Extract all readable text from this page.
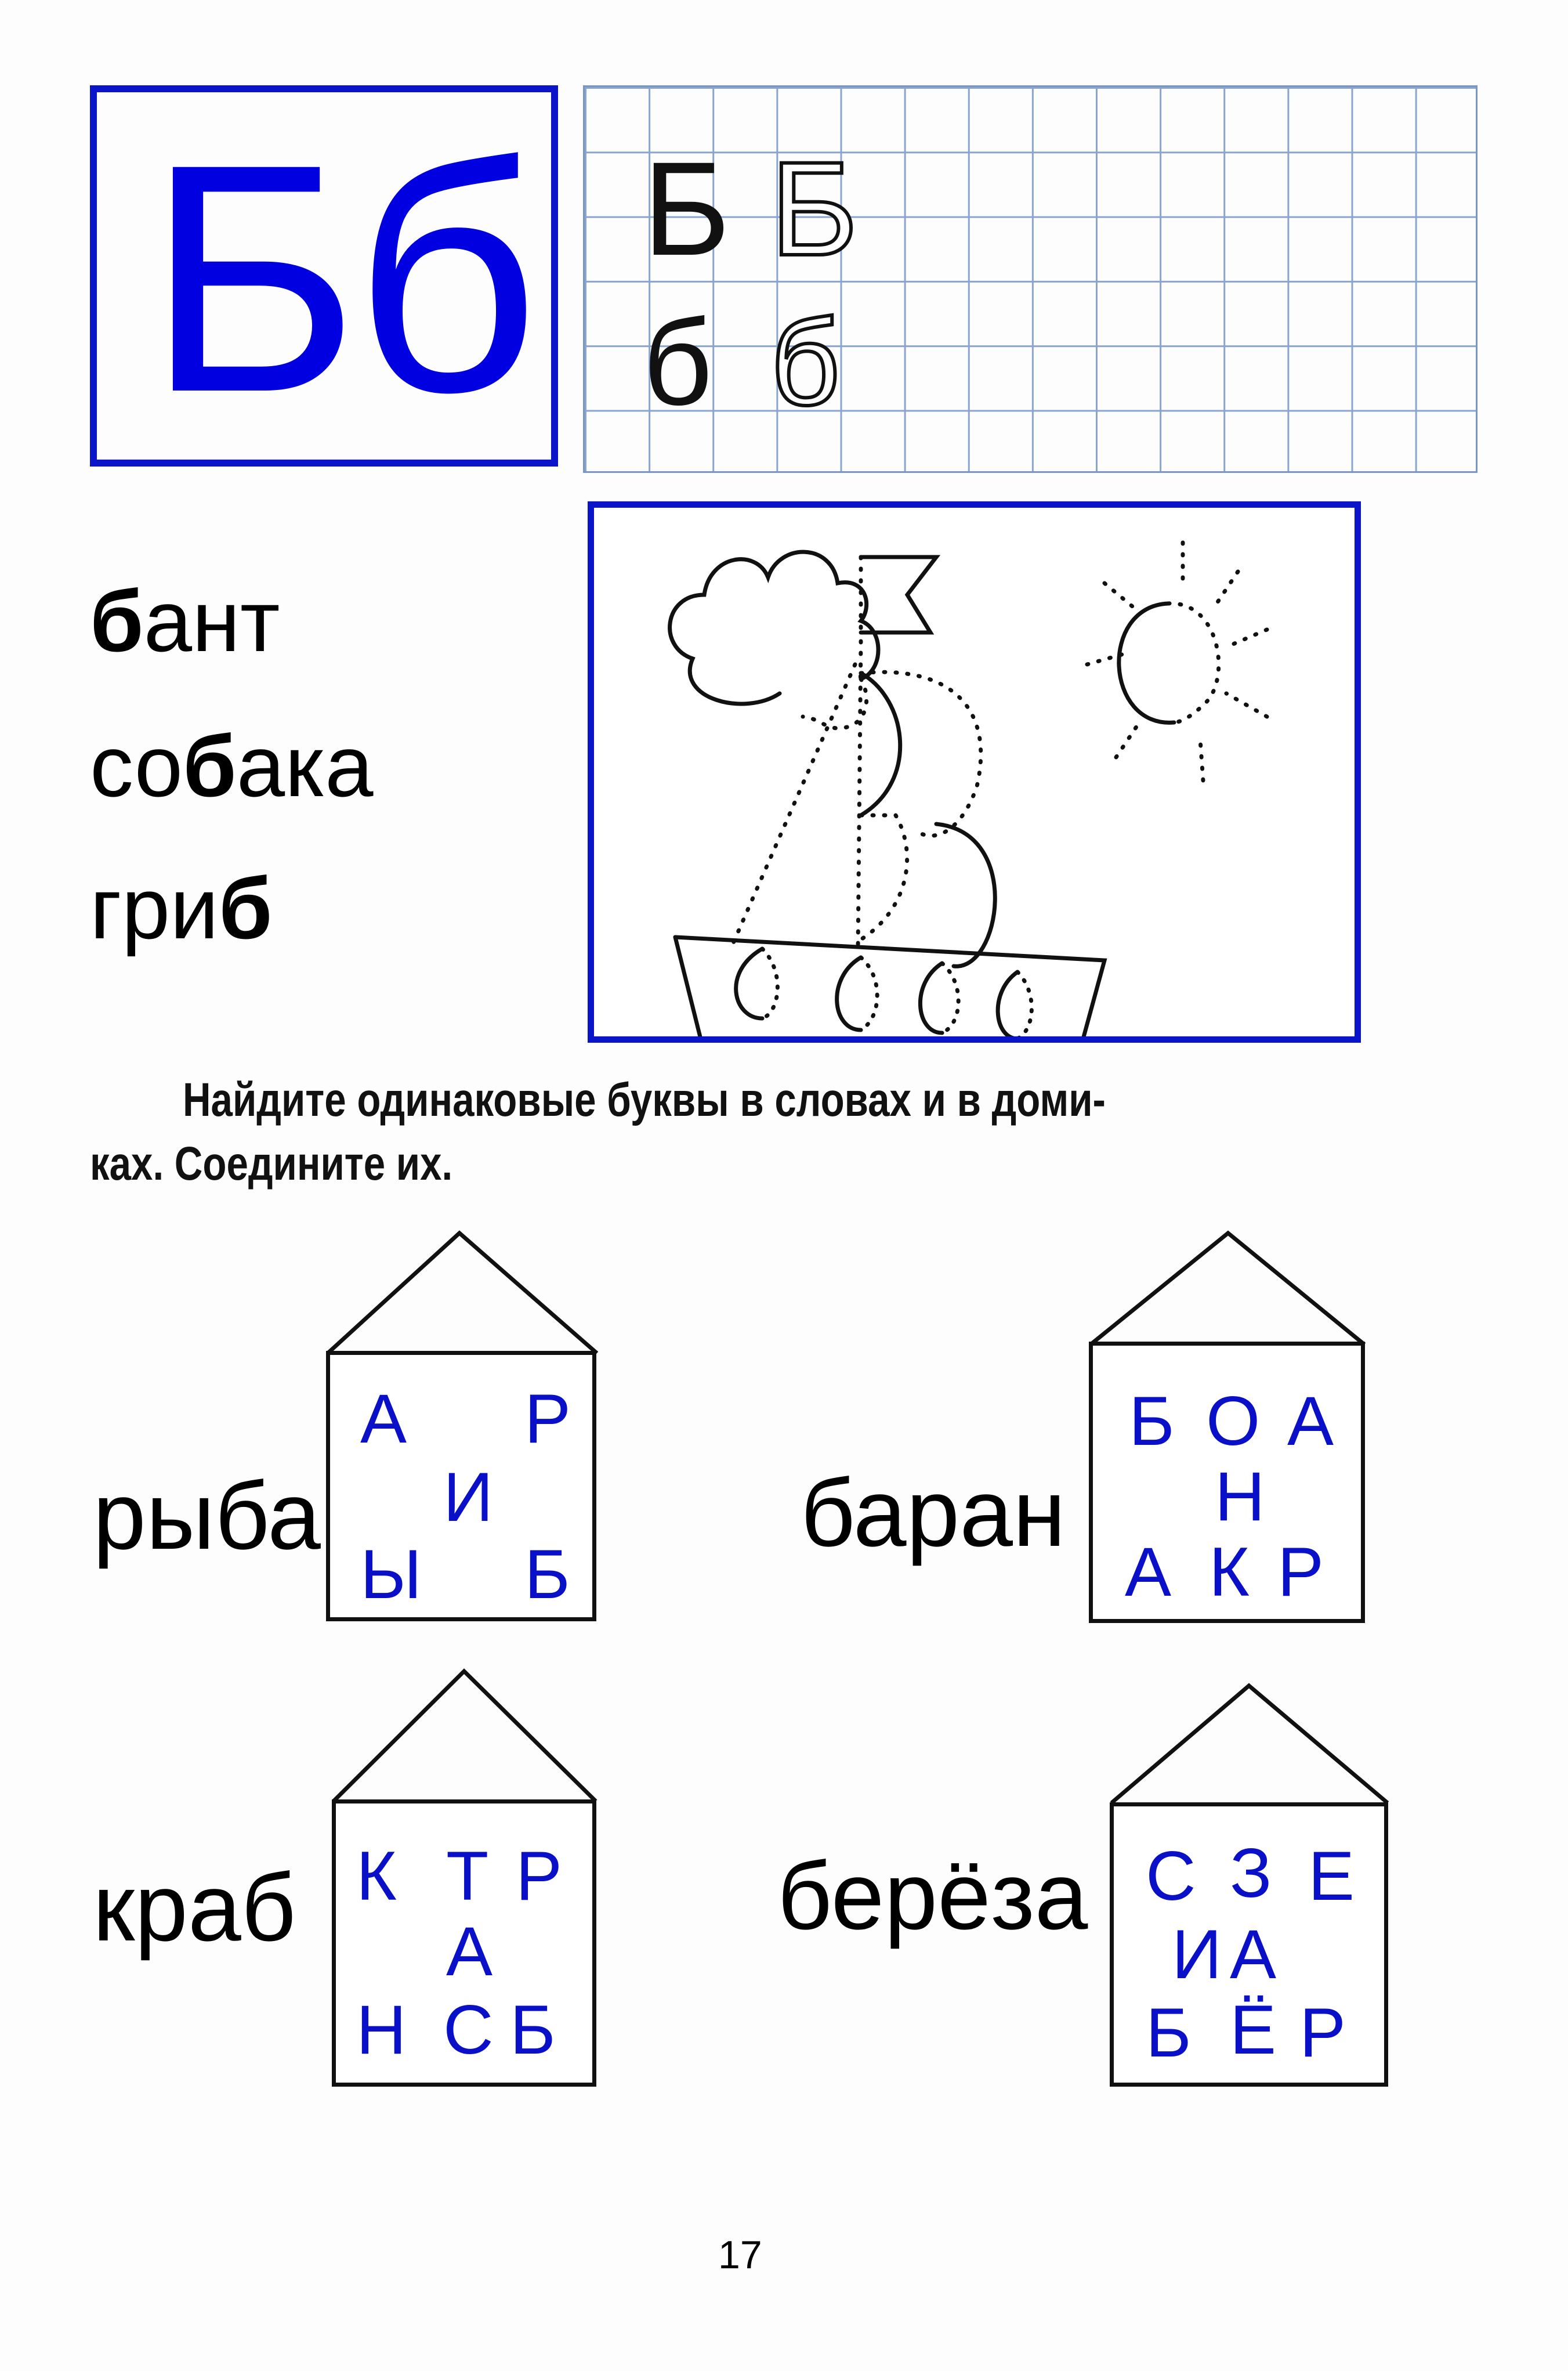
Бб Б Б
б б
бант
собака
гриб
Найдите одинаковые буквы в словах и в доми-
ках. Соедините их.
рыба
А Р
И
Ы Б
баран
Б О А
Н
А К Р
краб К Т Р
А
Н С Б
берёза С З Е
И А
Б Ё Р
17
